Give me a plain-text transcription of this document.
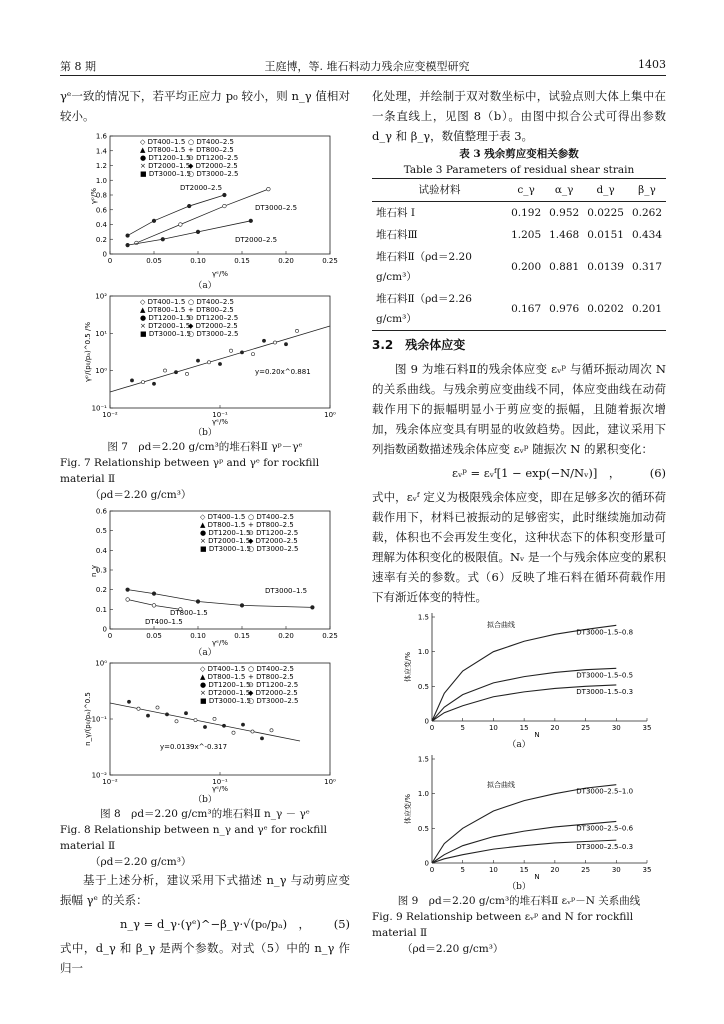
第 8 期	王庭博，等. 堆石料动力残余应变模型研究	1403

γᵉ一致的情况下，若平均正应力 p₀ 较小，则 n_γ 值相对较小。

0	0.05	0.10	0.15	0.20	0.25
0
0.2
0.4
0.6
0.8
1.0
1.2
1.4
1.6
γᵉ/%
γᵖ/%
◇ DT400–1.5 ○ DT400–2.5
▲ DT800–1.5 + DT800–2.5
● DT1200–1.5
⊙ DT1200–2.5
× DT2000–1.5
◆ DT2000–2.5
■ DT3000–1.5
○ DT3000–2.5
DT2000–2.5
DT3000–2.5
DT2000–2.5

（a）

10⁻²	10⁻¹	10⁰
10⁻¹
10⁰
10¹
10²
γᵉ/%
γᵖ/(p₀/pₐ)^0.5 /%
◇ DT400–1.5 ○ DT400–2.5
▲ DT800–1.5 + DT800–2.5
● DT1200–1.5
⊙ DT1200–2.5
× DT2000–1.5
◆ DT2000–2.5
■ DT3000–1.5
○ DT3000–2.5
y=0.20x^0.881

（b）

图 7　ρd＝2.20 g/cm³的堆石料Ⅱ γᵖ－γᵉ

Fig. 7 Relationship between γᵖ and γᵉ for rockfill material Ⅱ

（ρd＝2.20 g/cm³）

0	0.05	0.10	0.15	0.20	0.25
0
0.1
0.2
0.3
0.4
0.5
0.6
γᵉ/%
n_γ
◇ DT400–1.5 ○ DT400–2.5
▲ DT800–1.5 + DT800–2.5
● DT1200–1.5
⊙ DT1200–2.5
× DT2000–1.5
◆ DT2000–2.5
■ DT3000–1.5
○ DT3000–2.5
DT3000–1.5
DT800–1.5
DT400–1.5

（a）

10⁻²	10⁻¹	10⁰
10⁻²
10⁻¹
10⁰
γᵉ/%
n_γ/(p₀/pₐ)^0.5
◇ DT400–1.5 ○ DT400–2.5
▲ DT800–1.5 + DT800–2.5
● DT1200–1.5
⊙ DT1200–2.5
× DT2000–1.5
◆ DT2000–2.5
■ DT3000–1.5
○ DT3000–2.5
y=0.0139x^-0.317

（b）

图 8　ρd＝2.20 g/cm³的堆石料Ⅱ n_γ － γᵉ

Fig. 8 Relationship between n_γ and γᵉ for rockfill material Ⅱ

（ρd＝2.20 g/cm³）

基于上述分析，建议采用下式描述 n_γ 与动剪应变振幅 γᵉ 的关系：

n_γ = d_γ·(γᵉ)^−β_γ·√(p₀/pₐ)　， (5)

式中，d_γ 和 β_γ 是两个参数。对式（5）中的 n_γ 作归一

化处理，并绘制于双对数坐标中，试验点则大体上集中在一条直线上，见图 8（b）。由图中拟合公式可得出参数 d_γ 和 β_γ，数值整理于表 3。

表 3 残余剪应变相关参数

Table 3 Parameters of residual shear strain

试验材料	c_γ	α_γ	d_γ	β_γ
堆石料 Ⅰ	0.192	0.952	0.0225	0.262
堆石料Ⅲ	1.205	1.468	0.0151	0.434
堆石料Ⅱ（ρd＝2.20 g/cm³）	0.200	0.881	0.0139	0.317
堆石料Ⅱ（ρd＝2.26 g/cm³）	0.167	0.976	0.0202	0.201

3.2　残余体应变

图 9 为堆石料Ⅱ的残余体应变 εᵥᵖ 与循环振动周次 N 的关系曲线。与残余剪应变曲线不同，体应变曲线在动荷载作用下的振幅明显小于剪应变的振幅，且随着振次增加，残余体应变具有明显的收敛趋势。因此，建议采用下列指数函数描述残余体应变 εᵥᵖ 随振次 N 的累积变化：

εᵥᵖ = εᵥᶠ[1 − exp(−N/Nᵥ)]　，	(6)

式中，εᵥᶠ 定义为极限残余体应变，即在足够多次的循环荷载作用下，材料已被振动的足够密实，此时继续施加动荷载，体积也不会再发生变化，这种状态下的体积变形量可理解为体积变化的极限值。Nᵥ 是一个与残余体应变的累积速率有关的参数。式（6）反映了堆石料在循环荷载作用下有渐近体变的特性。

0	5	10	15	20	25	30	35
0
0.5
1.0
1.5
N
体应变/%
拟合曲线
DT3000–1.5–0.8
DT3000–1.5–0.5
DT3000–1.5–0.3

（a）

0	5	10	15	20	25	30	35
0
0.5
1.0
1.5
N
体应变/%
拟合曲线
DT3000–2.5–1.0
DT3000–2.5–0.6
DT3000–2.5–0.3

（b）

图 9　ρd＝2.20 g/cm³的堆石料Ⅱ εᵥᵖ－N 关系曲线

Fig. 9 Relationship between εᵥᵖ and N for rockfill material Ⅱ

（ρd＝2.20 g/cm³）
